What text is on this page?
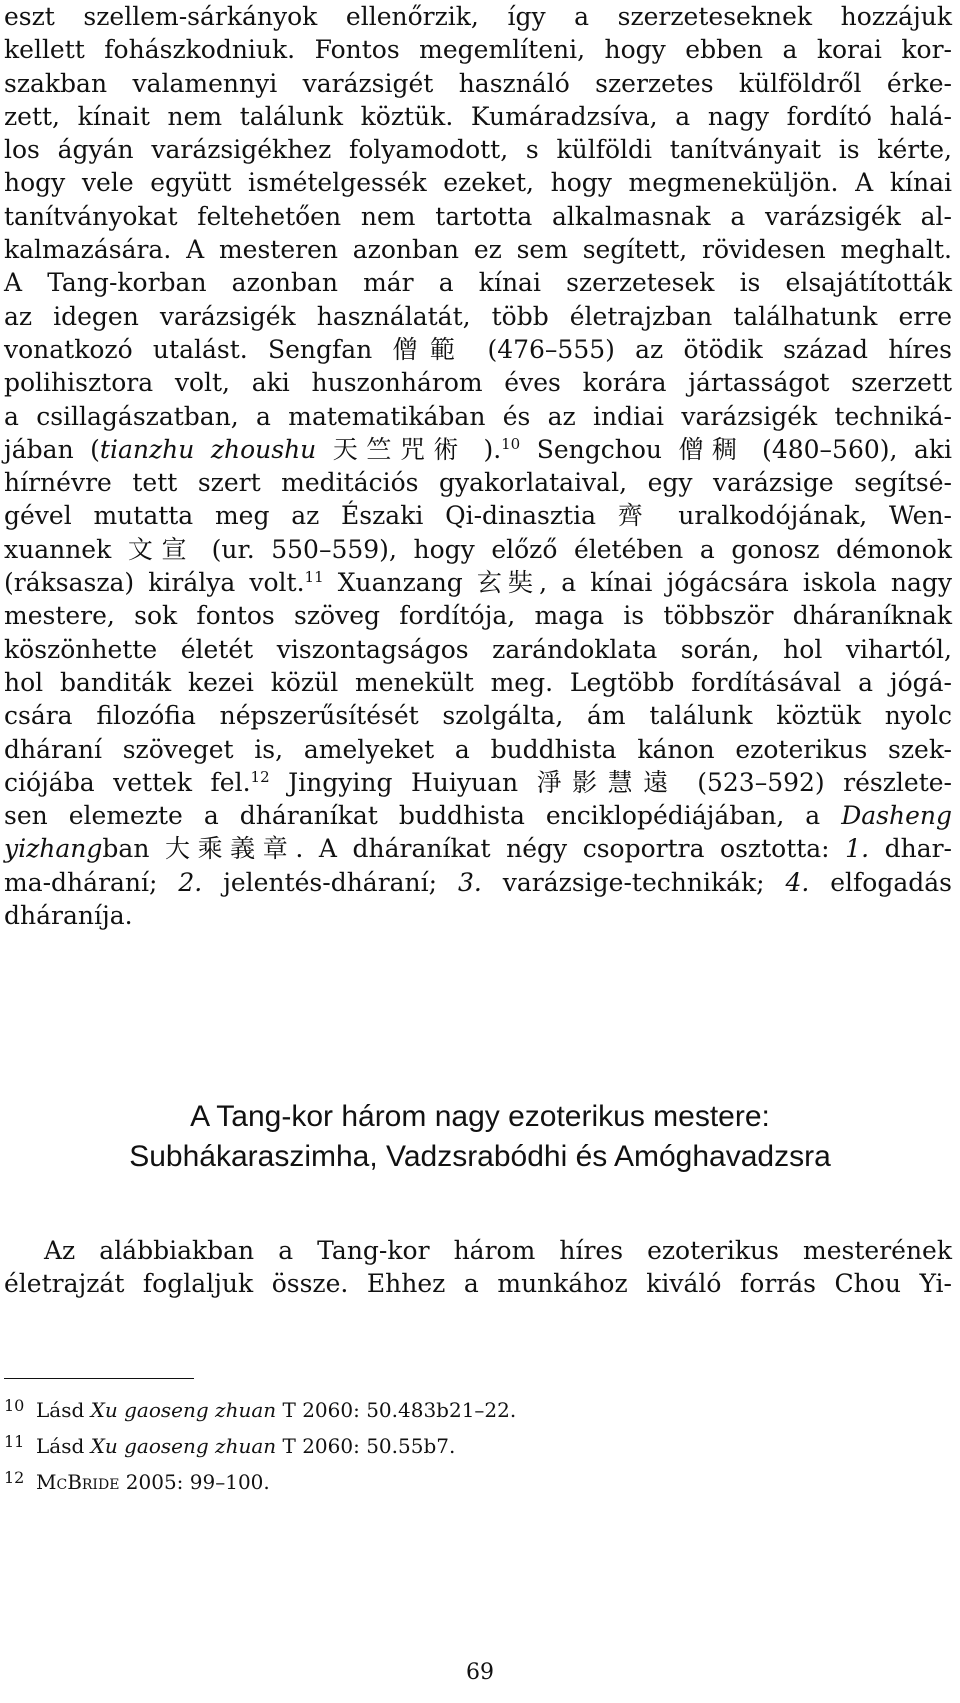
eszt szellem-sárkányok ellenőrzik, így a szerzeteseknek hozzájuk
kellett fohászkodniuk. Fontos megemlíteni, hogy ebben a korai kor-
szakban valamennyi varázsigét használó szerzetes külföldről érke-
zett, kínait nem találunk köztük. Kumáradzsíva, a nagy fordító halá-
los ágyán varázsigékhez folyamodott, s külföldi tanítványait is kérte,
hogy vele együtt ismételgessék ezeket, hogy megmeneküljön. A kínai
tanítványokat feltehetően nem tartotta alkalmasnak a varázsigék al-
kalmazására. A mesteren azonban ez sem segített, rövidesen meghalt.
A Tang-korban azonban már a kínai szerzetesek is elsajátították
az idegen varázsigék használatát, több életrajzban találhatunk erre
vonatkozó utalást. Sengfan 僧範 (476–555) az ötödik század híres
polihisztora volt, aki huszonhárom éves korára jártasságot szerzett
a csillagászatban, a matematikában és az indiai varázsigék techniká-
jában (tianzhu zhoushu 天竺咒術 ).$^{10}$ Sengchou 僧稠 (480–560), aki
hírnévre tett szert meditációs gyakorlataival, egy varázsige segítsé-
gével mutatta meg az Északi Qi-dinasztia 齊 uralkodójának, Wen-
xuannek 文宣 (ur. 550–559), hogy előző életében a gonosz démonok
(ráksasza) királya volt.$^{11}$ Xuanzang 玄奘, a kínai jógácsára iskola nagy
mestere, sok fontos szöveg fordítója, maga is többször dháraníknak
köszönhette életét viszontagságos zarándoklata során, hol vihartól,
hol banditák kezei közül menekült meg. Legtöbb fordításával a jógá-
csára filozófia népszerűsítését szolgálta, ám találunk köztük nyolc
dháraní szöveget is, amelyeket a buddhista kánon ezoterikus szek-
ciójába vettek fel.$^{12}$ Jingying Huiyuan 淨影慧遠 (523–592) részlete-
sen elemezte a dháraníkat buddhista enciklopédiájában, a Dasheng
yizhangban 大乘義章. A dháraníkat négy csoportra osztotta: 1. dhar-
ma-dháraní; 2. jelentés-dháraní; 3. varázsige-technikák; 4. elfogadás
dháraníja.
A Tang-kor három nagy ezoterikus mestere:
Subhákaraszimha, Vadzsrabódhi és Amóghavadzsra
Az alábbiakban a Tang-kor három híres ezoterikus mesterének
életrajzát foglaljuk össze. Ehhez a munkához kiváló forrás Chou Yi-
10 Lásd Xu gaoseng zhuan T 2060: 50.483b21–22.
11 Lásd Xu gaoseng zhuan T 2060: 50.55b7.
12 McBride 2005: 99–100.
69
